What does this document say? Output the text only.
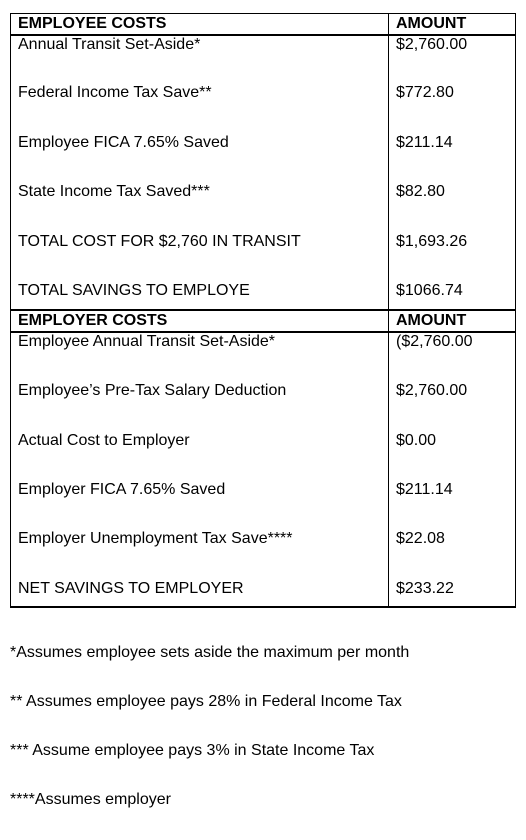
EMPLOYEE COSTS	AMOUNT
Annual Transit Set-Aside*	$2,760.00
Federal Income Tax Save**	$772.80
Employee FICA 7.65% Saved	$211.14
State Income Tax Saved***	$82.80
TOTAL COST FOR $2,760 IN TRANSIT	$1,693.26
TOTAL SAVINGS TO EMPLOYE	$1066.74
EMPLOYER COSTS	AMOUNT
Employee Annual Transit Set-Aside*	($2,760.00
Employee’s Pre-Tax Salary Deduction	$2,760.00
Actual Cost to Employer	$0.00
Employer FICA 7.65% Saved	$211.14
Employer Unemployment Tax Save****	$22.08
NET SAVINGS TO EMPLOYER	$233.22

*Assumes employee sets aside the maximum per month

** Assumes employee pays 28% in Federal Income Tax

*** Assume employee pays 3% in State Income Tax

****Assumes employer
